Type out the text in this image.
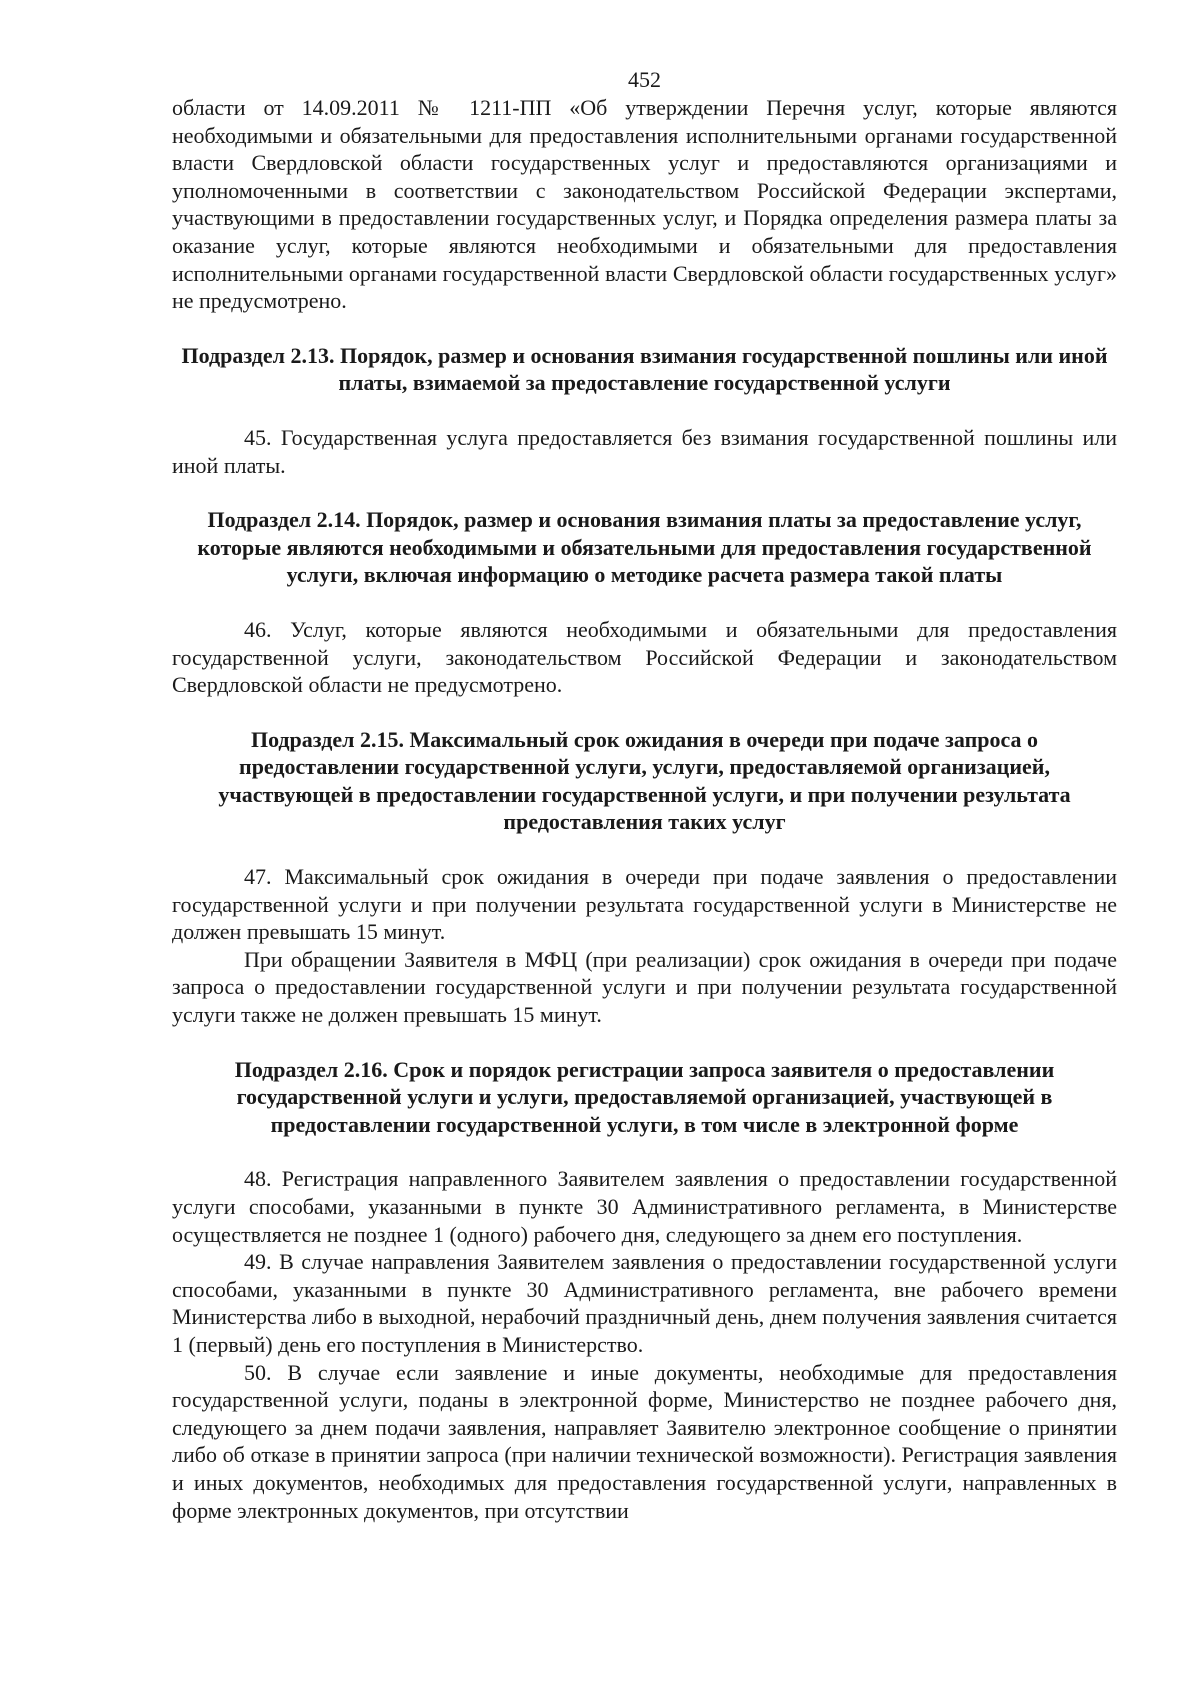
452

области от 14.09.2011 № 1211-ПП «Об утверждении Перечня услуг, которые являются необходимыми и обязательными для предоставления исполнительными органами государственной власти Свердловской области государственных услуг и предоставляются организациями и уполномоченными в соответствии с законодательством Российской Федерации экспертами, участвующими в предоставлении государственных услуг, и Порядка определения размера платы за оказание услуг, которые являются необходимыми и обязательными для предоставления исполнительными органами государственной власти Свердловской области государственных услуг» не предусмотрено.

Подраздел 2.13. Порядок, размер и основания взимания государственной пошлины или иной платы, взимаемой за предоставление государственной услуги

45. Государственная услуга предоставляется без взимания государственной пошлины или иной платы.

Подраздел 2.14. Порядок, размер и основания взимания платы за предоставление услуг, которые являются необходимыми и обязательными для предоставления государственной услуги, включая информацию о методике расчета размера такой платы

46. Услуг, которые являются необходимыми и обязательными для предоставления государственной услуги, законодательством Российской Федерации и законодательством Свердловской области не предусмотрено.

Подраздел 2.15. Максимальный срок ожидания в очереди при подаче запроса о предоставлении государственной услуги, услуги, предоставляемой организацией, участвующей в предоставлении государственной услуги, и при получении результата предоставления таких услуг

47. Максимальный срок ожидания в очереди при подаче заявления о предоставлении государственной услуги и при получении результата государственной услуги в Министерстве не должен превышать 15 минут.

При обращении Заявителя в МФЦ (при реализации) срок ожидания в очереди при подаче запроса о предоставлении государственной услуги и при получении результата государственной услуги также не должен превышать 15 минут.

Подраздел 2.16. Срок и порядок регистрации запроса заявителя о предоставлении государственной услуги и услуги, предоставляемой организацией, участвующей в предоставлении государственной услуги, в том числе в электронной форме

48. Регистрация направленного Заявителем заявления о предоставлении государственной услуги способами, указанными в пункте 30 Административного регламента, в Министерстве осуществляется не позднее 1 (одного) рабочего дня, следующего за днем его поступления.

49. В случае направления Заявителем заявления о предоставлении государственной услуги способами, указанными в пункте 30 Административного регламента, вне рабочего времени Министерства либо в выходной, нерабочий праздничный день, днем получения заявления считается 1 (первый) день его поступления в Министерство.

50. В случае если заявление и иные документы, необходимые для предоставления государственной услуги, поданы в электронной форме, Министерство не позднее рабочего дня, следующего за днем подачи заявления, направляет Заявителю электронное сообщение о принятии либо об отказе в принятии запроса (при наличии технической возможности). Регистрация заявления и иных документов, необходимых для предоставления государственной услуги, направленных в форме электронных документов, при отсутствии
